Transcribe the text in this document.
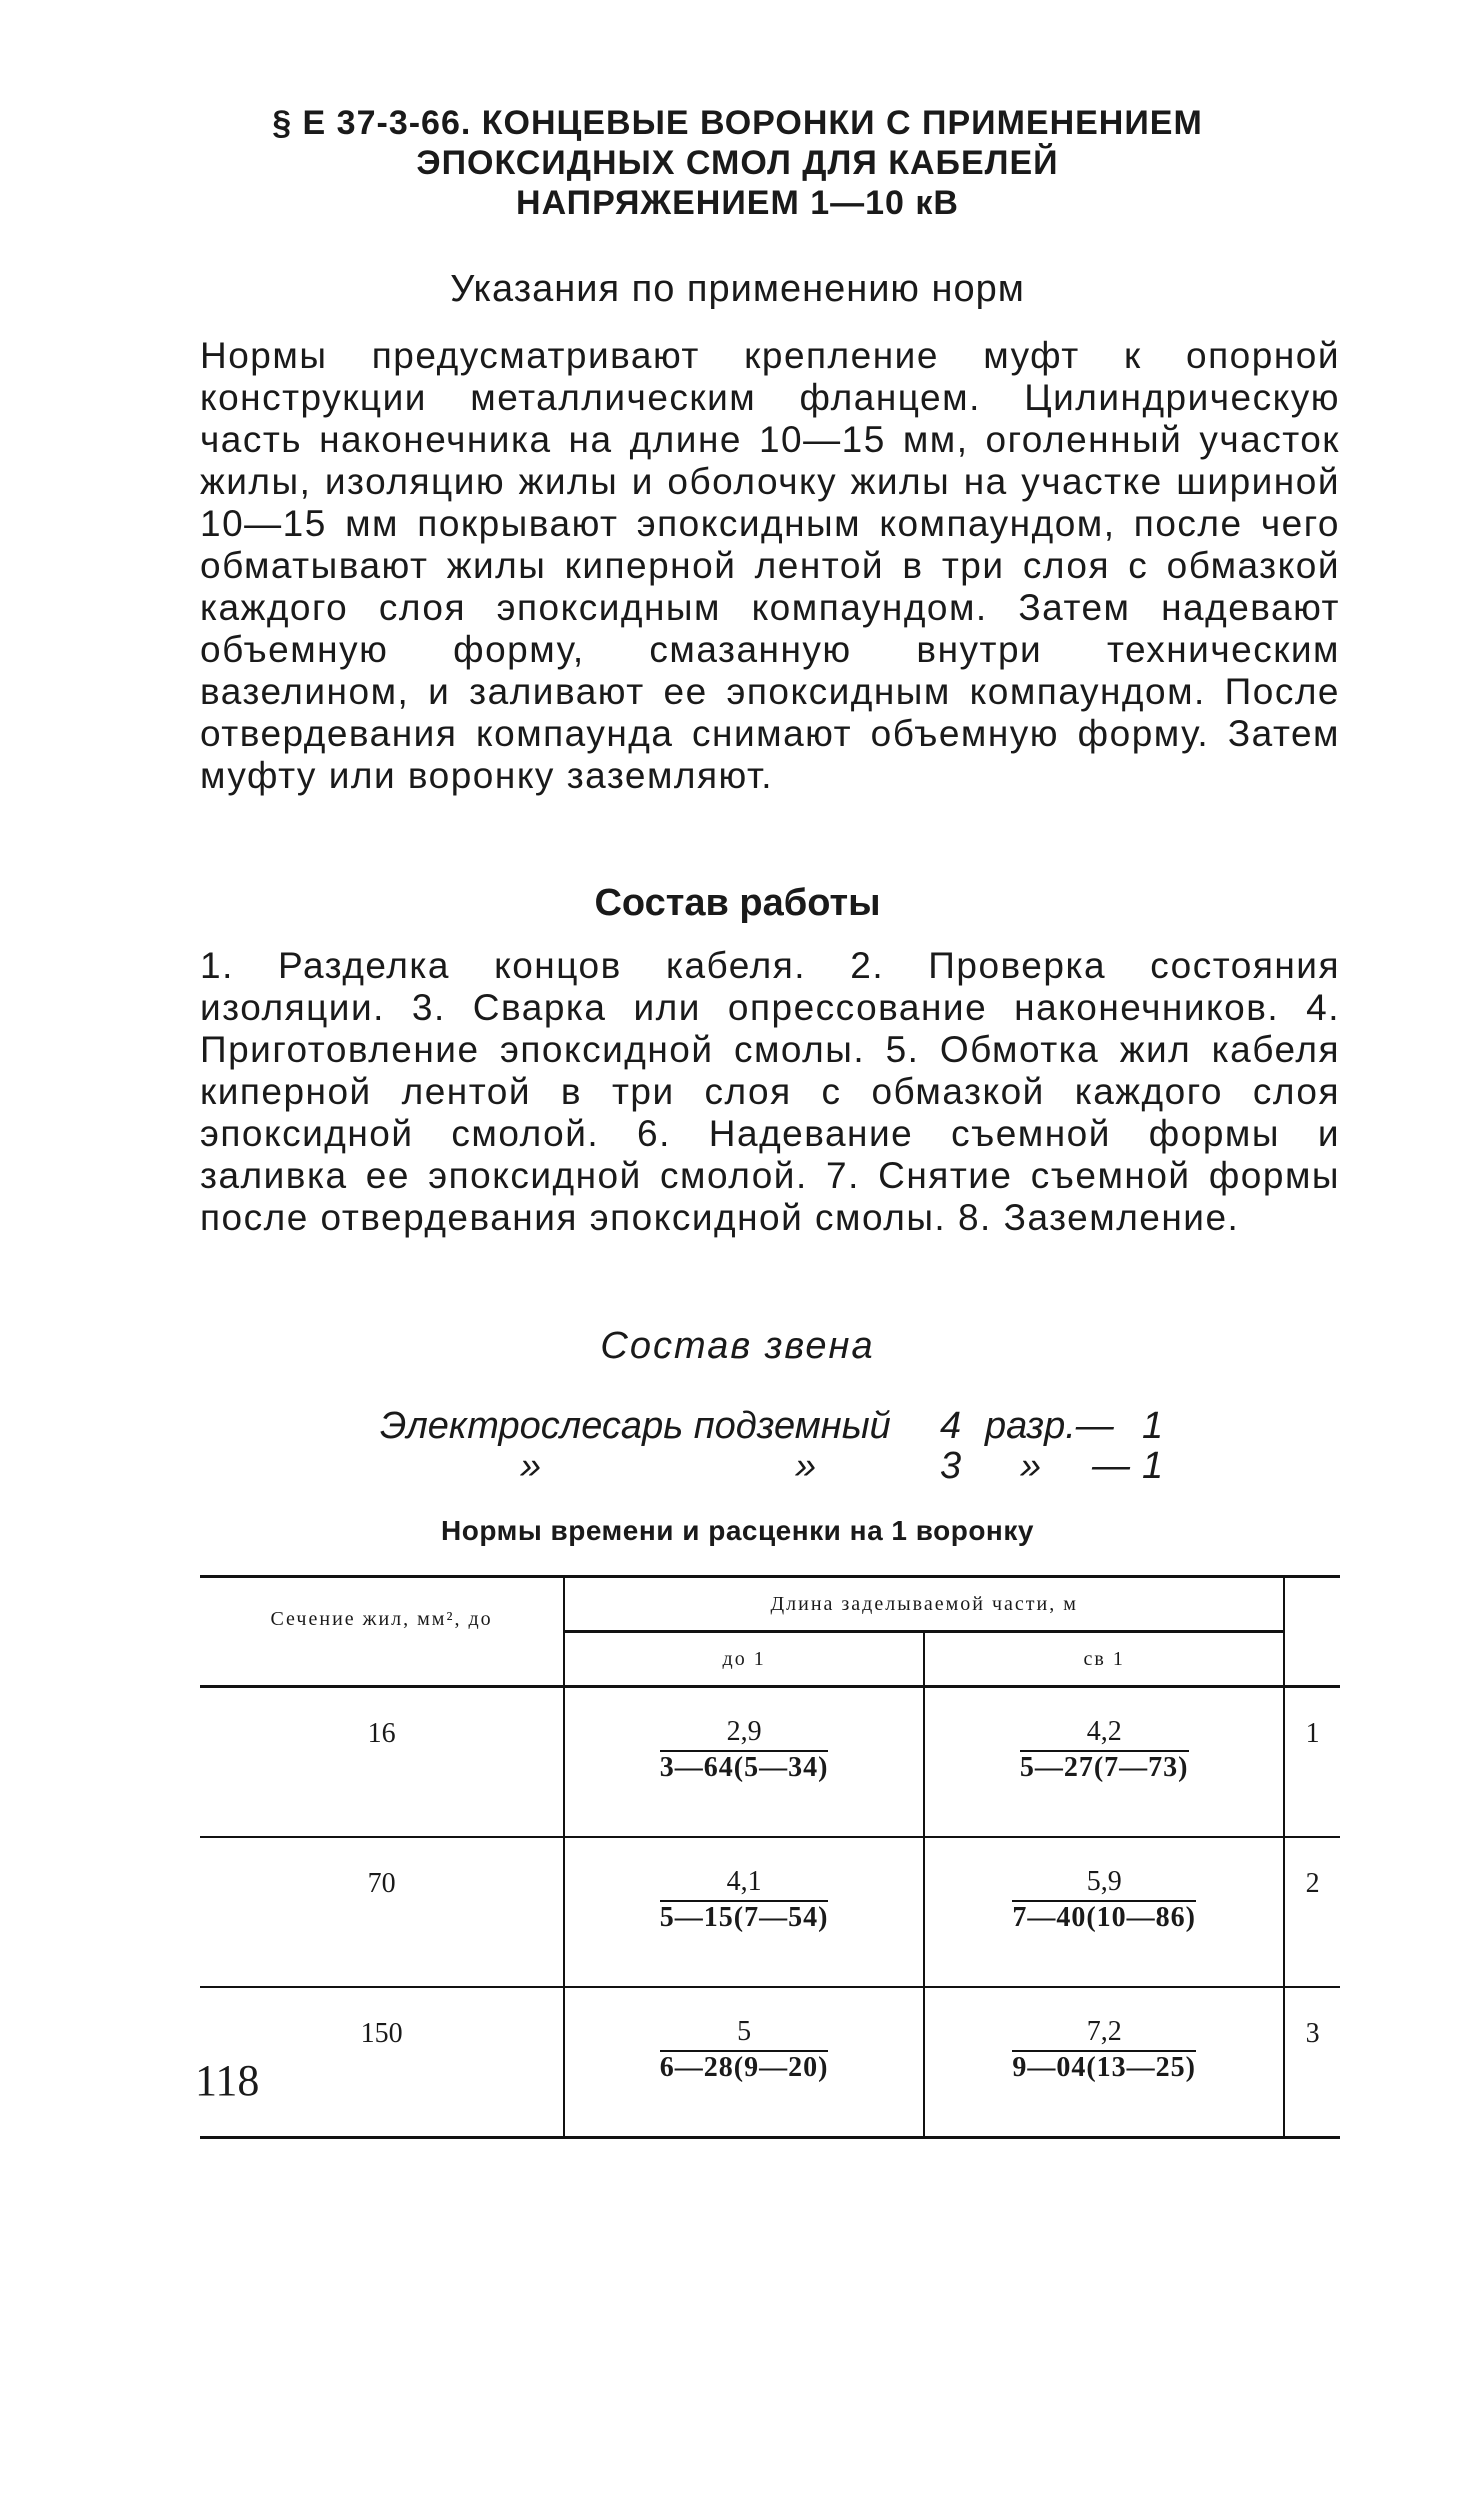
§ Е 37-3-66. КОНЦЕВЫЕ ВОРОНКИ С ПРИМЕНЕНИЕМ
ЭПОКСИДНЫХ СМОЛ ДЛЯ КАБЕЛЕЙ
НАПРЯЖЕНИЕМ 1—10 кВ
Указания по применению норм
Нормы предусматривают крепление муфт к опорной конструкции металлическим фланцем. Цилиндрическую часть наконечника на длине 10—15 мм, оголенный участок жилы, изоляцию жилы и оболочку жилы на участке шириной 10—15 мм покрывают эпоксидным компаундом, после чего обматывают жилы киперной лентой в три слоя с обмазкой каждого слоя эпоксидным компаундом. Затем надевают объемную форму, смазанную внутри техническим вазелином, и заливают ее эпоксидным компаундом. После отвердевания компаунда снимают объемную форму. Затем муфту или воронку заземляют.
Состав работы
1. Разделка концов кабеля. 2. Проверка состояния изоляции. 3. Сварка или опрессование наконечников. 4. Приготовление эпоксидной смолы. 5. Обмотка жил кабеля киперной лентой в три слоя с обмазкой каждого слоя эпоксидной смолой. 6. Надевание съемной формы и заливка ее эпоксидной смолой. 7. Снятие съемной формы после отвердевания эпоксидной смолы. 8. Заземление.
Состав звена
Электрослесарь подземный 4 разр.— 1
»	»	3 » — 1
Нормы времени и расценки на 1 воронку
Сечение жил, мм², до	Длина заделываемой части, м		
	до 1	св 1	
16	$\frac{2,9}{3—64(5—34)}$	$\frac{4,2}{5—27(7—73)}$	1
70	$\frac{4,1}{5—15(7—54)}$	$\frac{5,9}{7—40(10—86)}$	2
150	$\frac{5}{6—28(9—20)}$	$\frac{7,2}{9—04(13—25)}$	3
118
